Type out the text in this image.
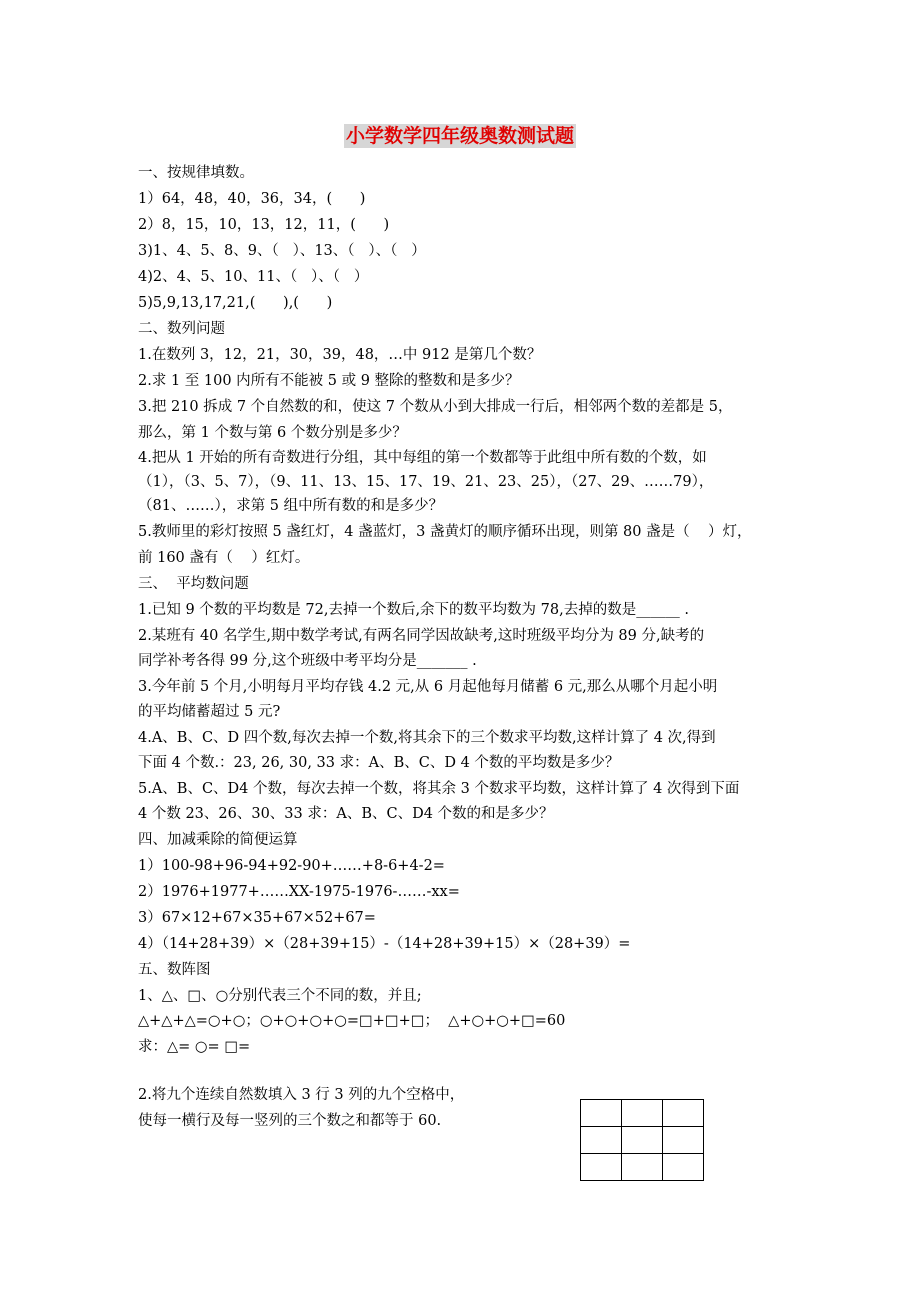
小学数学四年级奥数测试题
一、按规律填数。
1）64，48，40，36，34，(      )
2）8，15，10，13，12，11，(      )
3)1、4、5、8、9、（   ）、13、（   ）、（   ）
4)2、4、5、10、11、（   ）、（   ）
5)5,9,13,17,21,(      ),(      )
二、数列问题
1.在数列 3，12，21，30，39，48，…中 912 是第几个数？
2.求 1 至 100 内所有不能被 5 或 9 整除的整数和是多少？
3.把 210 拆成 7 个自然数的和，使这 7 个数从小到大排成一行后，相邻两个数的差都是 5，
那么，第 1 个数与第 6 个数分别是多少？
4.把从 1 开始的所有奇数进行分组，其中每组的第一个数都等于此组中所有数的个数，如
（1），（3、5、7），（9、11、13、15、17、19、21、23、25），（27、29、……79），
（81、……），求第 5 组中所有数的和是多少？
5.教师里的彩灯按照 5 盏红灯，4 盏蓝灯，3 盏黄灯的顺序循环出现，则第 80 盏是（    ）灯，
前 160 盏有（    ）红灯。
三、  平均数问题
1.已知 9 个数的平均数是 72,去掉一个数后,余下的数平均数为 78,去掉的数是______ .
2.某班有 40 名学生,期中数学考试,有两名同学因故缺考,这时班级平均分为 89 分,缺考的
同学补考各得 99 分,这个班级中考平均分是_______ .
3.今年前 5 个月,小明每月平均存钱 4.2 元,从 6 月起他每月储蓄 6 元,那么从哪个月起小明
的平均储蓄超过 5 元?
4.A、B、C、D 四个数,每次去掉一个数,将其余下的三个数求平均数,这样计算了 4 次,得到
下面 4 个数.：23, 26, 30, 33 求：A、B、C、D 4 个数的平均数是多少？
5.A、B、C、D4 个数，每次去掉一个数，将其余 3 个数求平均数，这样计算了 4 次得到下面
4 个数 23、26、30、33 求：A、B、C、D4 个数的和是多少？
四、加减乘除的简便运算
1）100-98+96-94+92-90+……+8-6+4-2=
2）1976+1977+……XX-1975-1976-……-xx=
3）67×12+67×35+67×52+67=
4）（14+28+39）×（28+39+15）-（14+28+39+15）×（28+39）=
五、数阵图
1、△、□、○分别代表三个不同的数，并且;
△+△+△=○+○；○+○+○+○=□+□+□；  △+○+○+□=60
求：△= ○= □=
2.将九个连续自然数填入 3 行 3 列的九个空格中，
使每一横行及每一竖列的三个数之和都等于 60.
